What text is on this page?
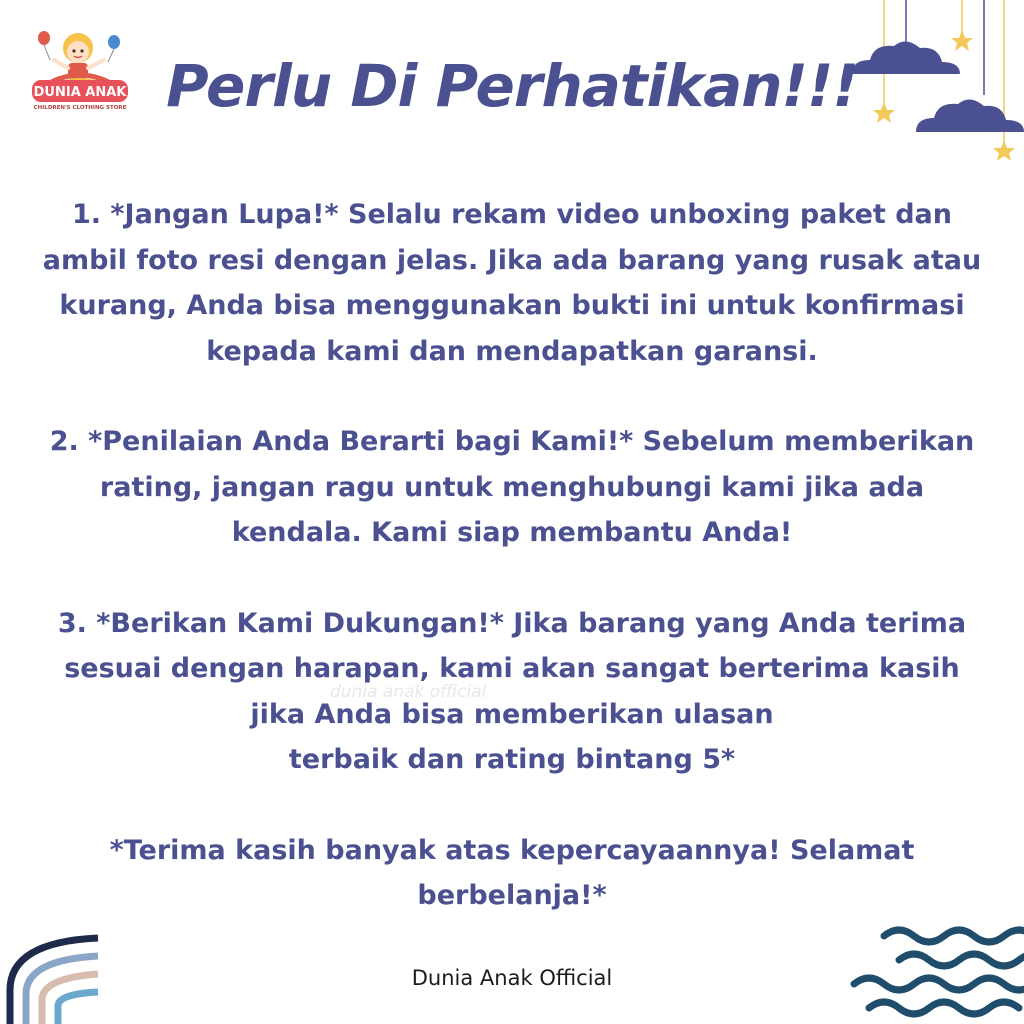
DUNIA ANAK
CHILDREN'S CLOTHING STORE Perlu Di Perhatikan!!!
1. *Jangan Lupa!* Selalu rekam video unboxing paket dan
ambil foto resi dengan jelas. Jika ada barang yang rusak atau
kurang, Anda bisa menggunakan bukti ini untuk konfirmasi
kepada kami dan mendapatkan garansi.
2. *Penilaian Anda Berarti bagi Kami!* Sebelum memberikan
rating, jangan ragu untuk menghubungi kami jika ada
kendala. Kami siap membantu Anda!
3. *Berikan Kami Dukungan!* Jika barang yang Anda terima
sesuai dengan harapan, kami akan sangat berterima kasih
jika Anda bisa memberikan ulasan
terbaik dan rating bintang 5*
*Terima kasih banyak atas kepercayaannya! Selamat
berbelanja!*
dunia anak official
Dunia Anak Official
